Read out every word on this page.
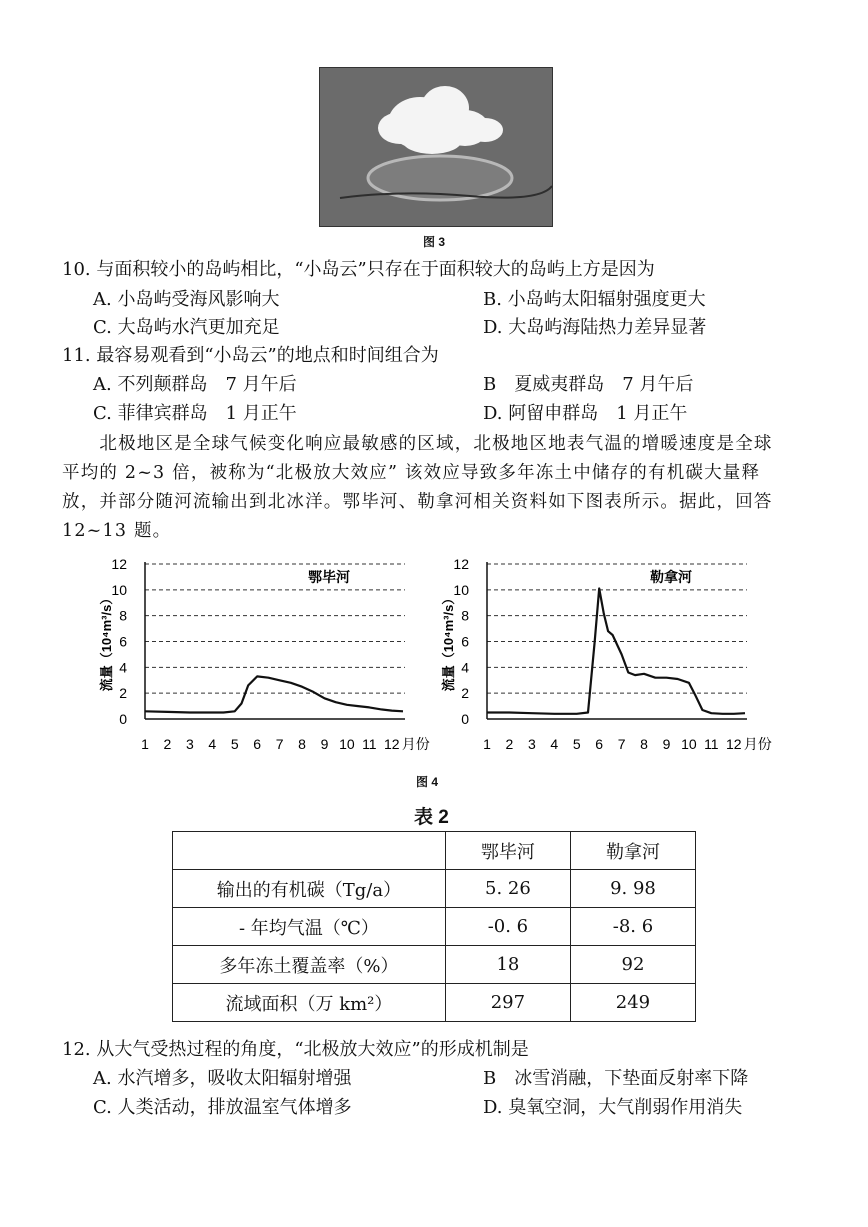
图 3
10. 与面积较小的岛屿相比，“小岛云”只存在于面积较大的岛屿上方是因为
A. 小岛屿受海风影响大	B. 小岛屿太阳辐射强度更大
C. 大岛屿水汽更加充足	D. 大岛屿海陆热力差异显著
11. 最容易观看到“小岛云”的地点和时间组合为
A. 不列颠群岛　7 月午后	B　夏威夷群岛　7 月午后
C. 菲律宾群岛　1 月正午	D. 阿留申群岛　1 月正午
　　北极地区是全球气候变化响应最敏感的区域，北极地区地表气温的增暖速度是全球
平均的 2~3 倍，被称为“北极放大效应” 该效应导致多年冻土中储存的有机碳大量释
放，并部分随河流输出到北冰洋。鄂毕河、勒拿河相关资料如下图表所示。据此，回答
12~13 题。
0
2
4
6
8
10
12
1 2 3 4 5 6 7 8 9 10 11 12 月份
流量（10⁴m³/s）
鄂毕河
0
2
4
6
8
10
12
1 2 3 4 5 6 7 8 9 10 11 12 月份
流量（10⁴m³/s）
勒拿河
图 4
表 2
	鄂毕河	勒拿河
输出的有机碳（Tg/a）	5. 26	9. 98
- 年均气温（℃）	-0. 6	-8. 6
多年冻土覆盖率（%）	18	92
流域面积（万 km²）	297	249
12. 从大气受热过程的角度，“北极放大效应”的形成机制是
A. 水汽增多，吸收太阳辐射增强	B　冰雪消融，下垫面反射率下降
C. 人类活动，排放温室气体增多	D. 臭氧空洞，大气削弱作用消失
